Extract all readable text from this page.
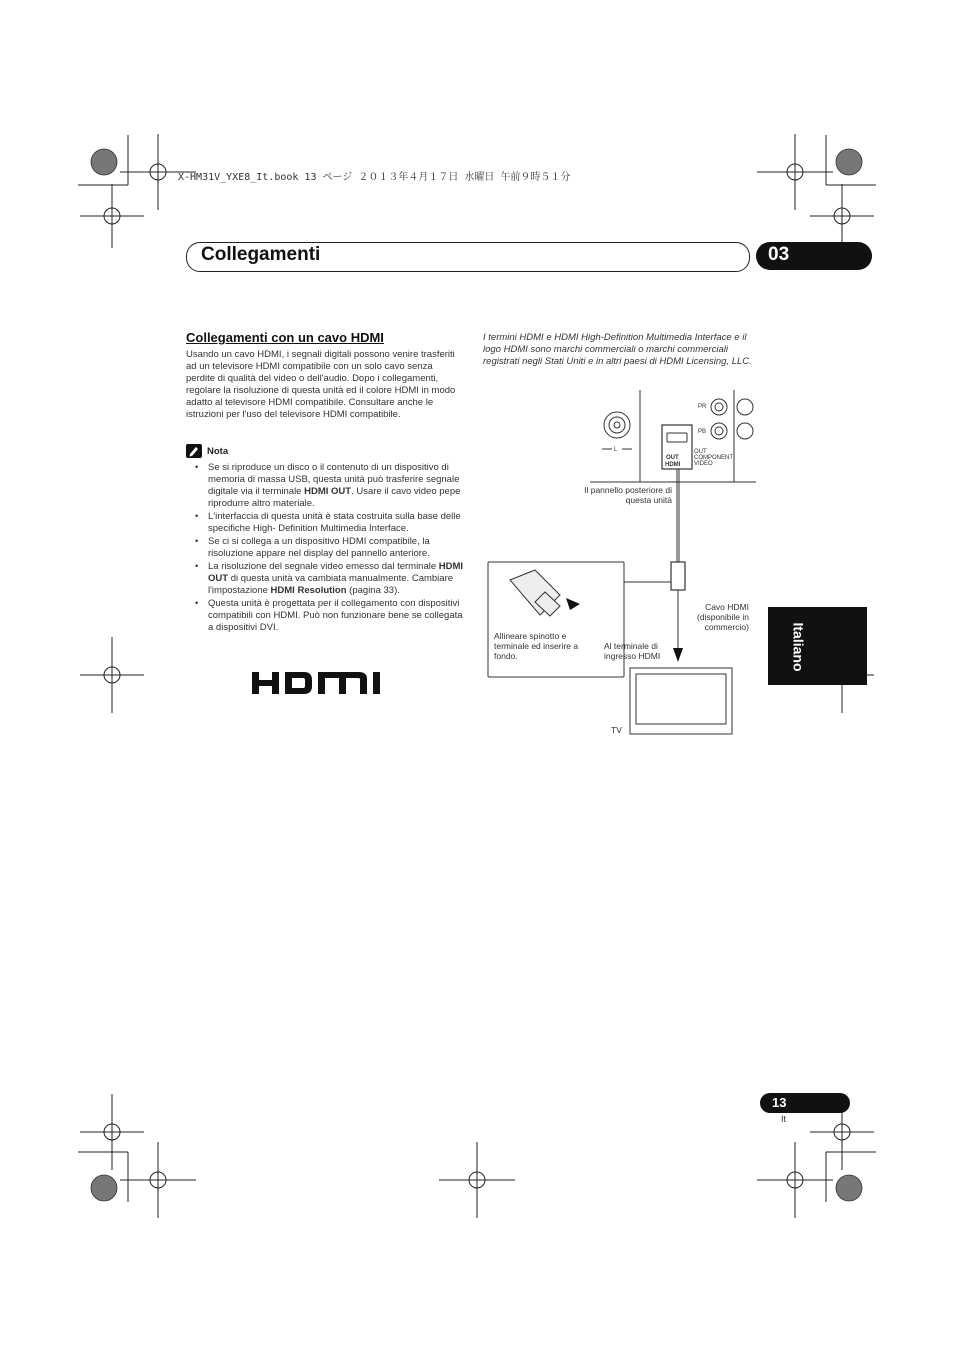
X-HM31V_YXE8_It.book 13 ページ ２０１３年４月１７日 水曜日 午前９時５１分
Collegamenti	03
Collegamenti con un cavo HDMI
Usando un cavo HDMI, i segnali digitali possono venire trasferiti ad un televisore HDMI compatibile con un solo cavo senza perdite di qualità del video o dell'audio. Dopo i collegamenti, regolare la risoluzione di questa unità ed il colore HDMI in modo adatto al televisore HDMI compatibile. Consultare anche le istruzioni per l'uso del televisore HDMI compatibile.
Nota
• Se si riproduce un disco o il contenuto di un dispositivo di memoria di massa USB, questa unità può trasferire segnale digitale via il terminale HDMI OUT. Usare il cavo video pepe riprodurre altro materiale.
• L'interfaccia di questa unità è stata costruita sulla base delle specifiche High- Definition Multimedia Interface.
• Se ci si collega a un dispositivo HDMI compatibile, la risoluzione appare nel display del pannello anteriore.
• La risoluzione del segnale video emesso dal terminale HDMI OUT di questa unità va cambiata manualmente. Cambiare l'impostazione HDMI Resolution (pagina 33).
• Questa unità è progettata per il collegamento con dispositivi compatibili con HDMI. Può non funzionare bene se collegata a dispositivi DVI.
I termini HDMI e HDMI High-Definition Multimedia Interface e il logo HDMI sono marchi commerciali o marchi commerciali registrati negli Stati Uniti e in altri paesi di HDMI Licensing, LLC.
PR
PB
L
OUT
HDMI
OUT
COMPONENT
VIDEO
Il pannello posteriore di questa unità
Allineare spinotto e terminale ed inserire a fondo.
Al terminale di ingresso HDMI
Cavo HDMI (disponibile in commercio)
TV
Italiano
13
It
